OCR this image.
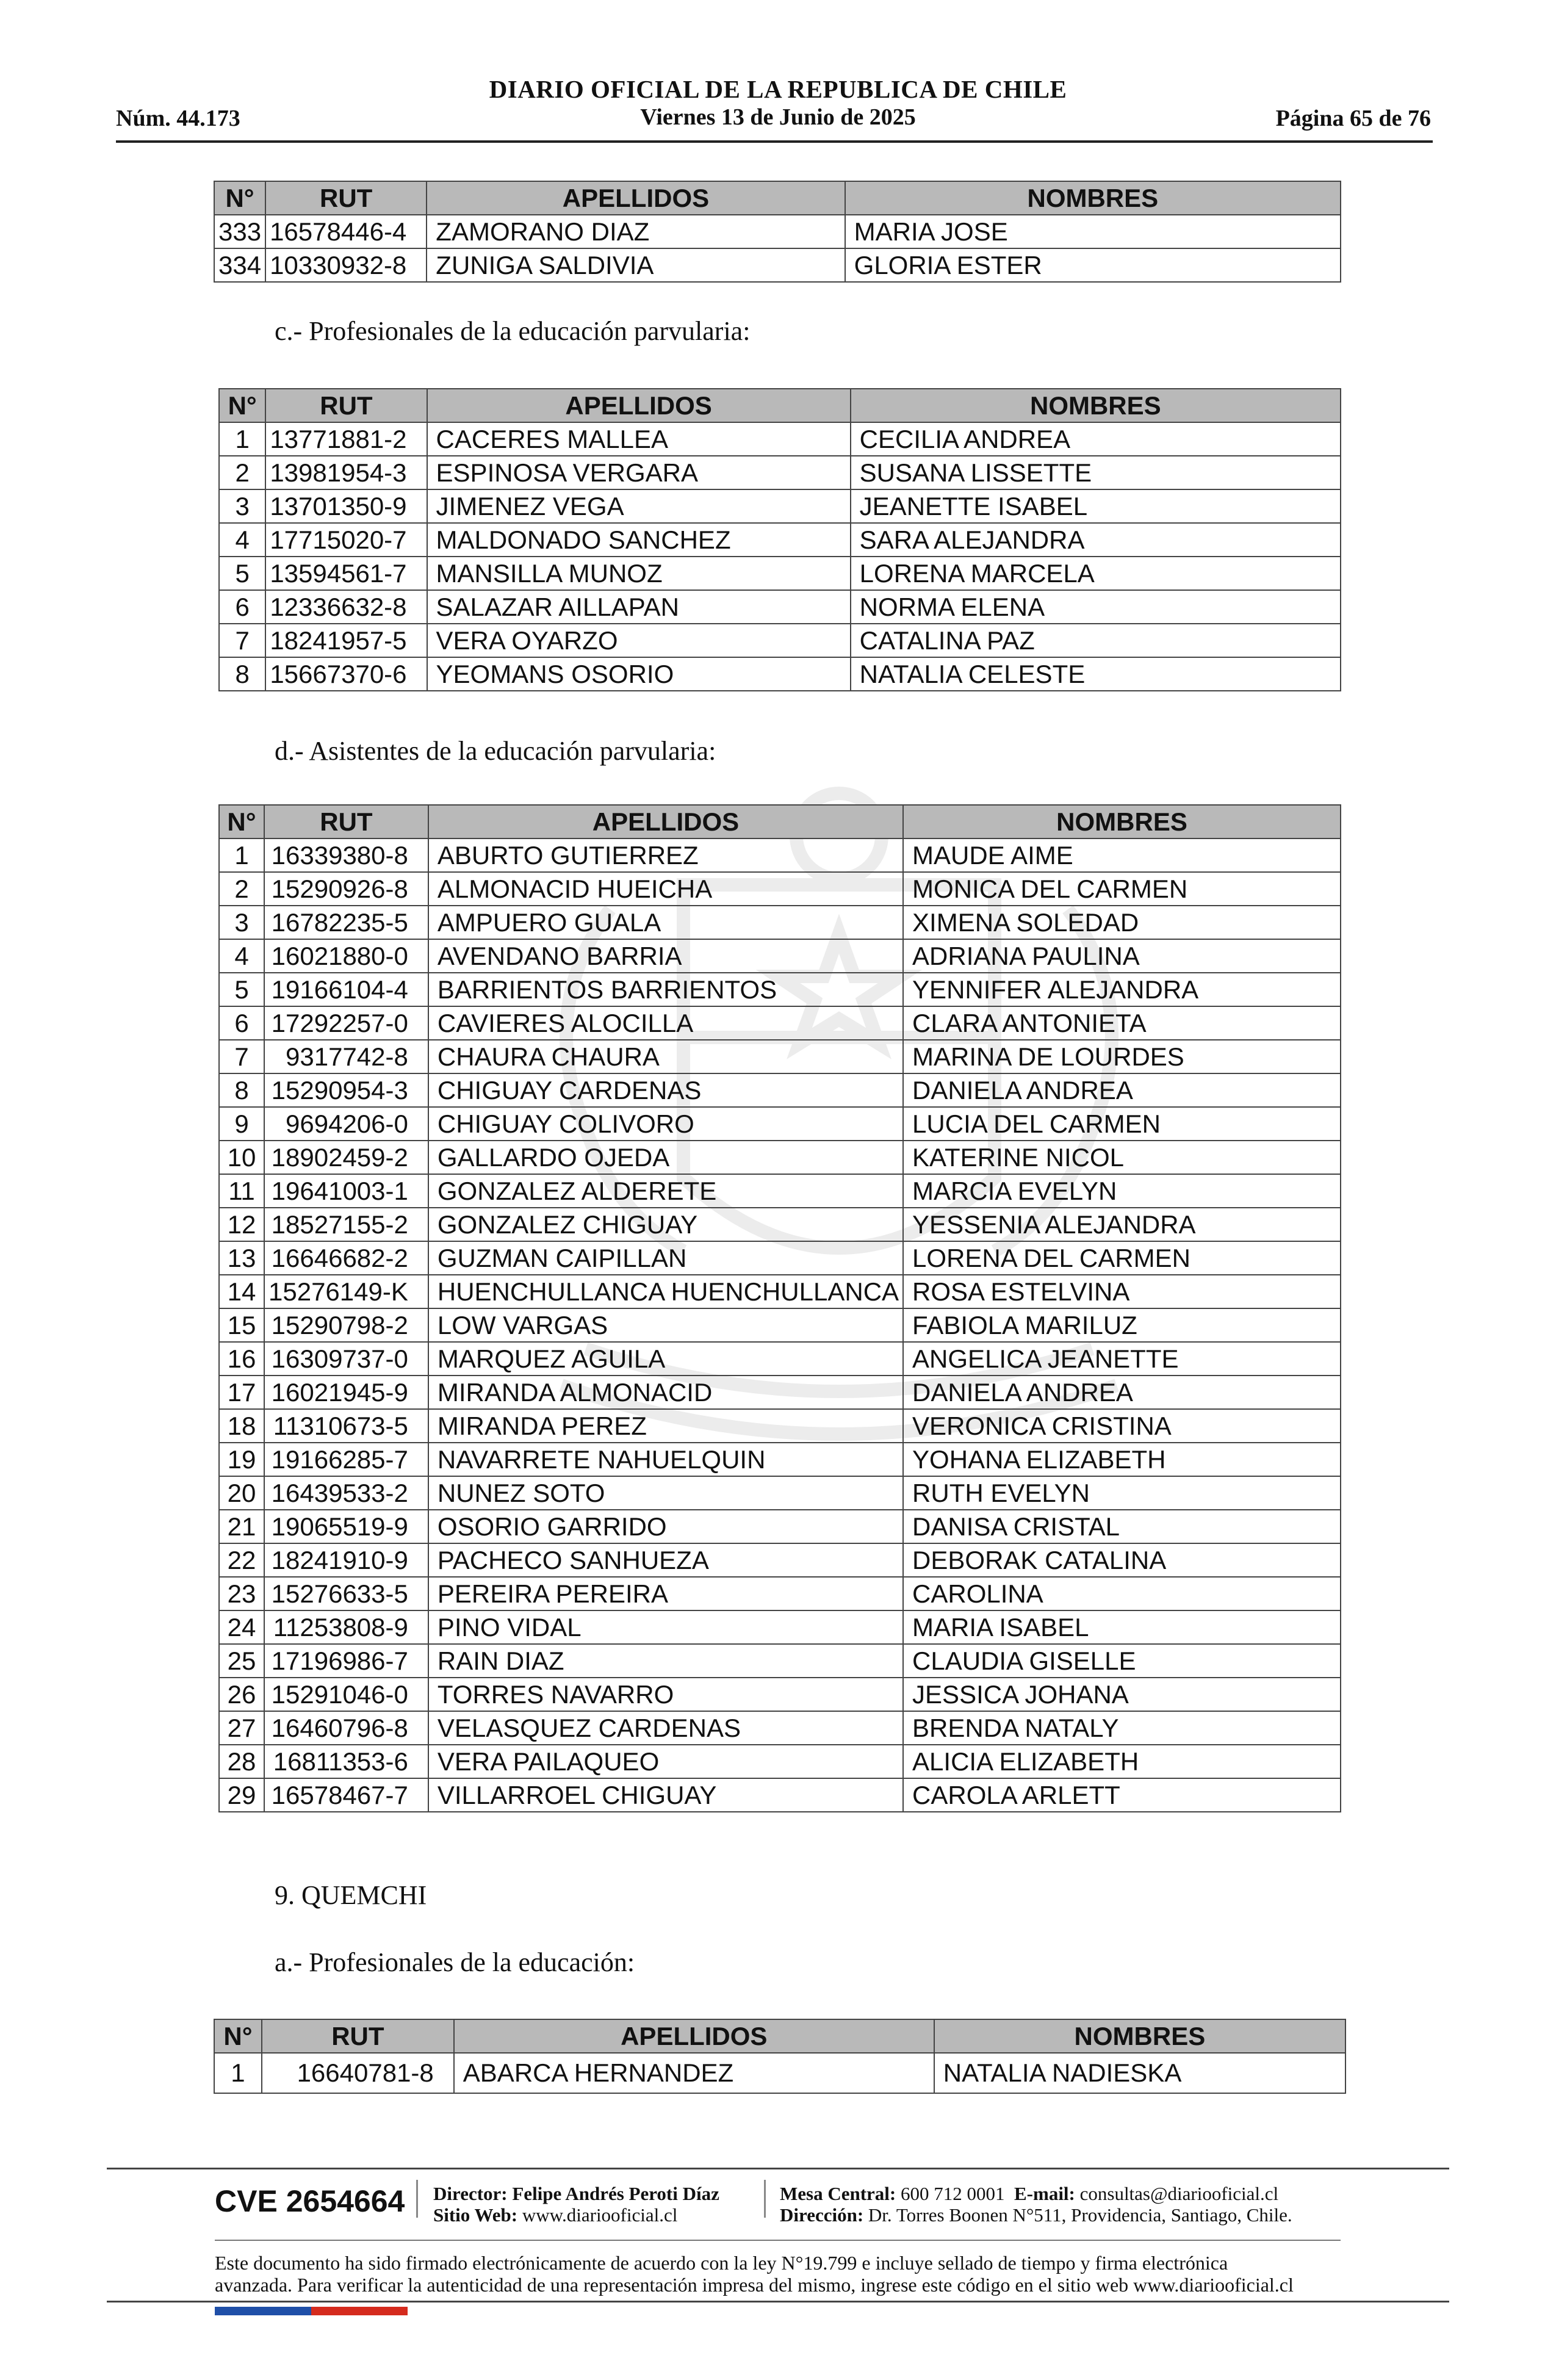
DIARIO OFICIAL DE LA REPUBLICA DE CHILE
Núm. 44.173	Viernes 13 de Junio de 2025	Página 65 de 76
N°	RUT	APELLIDOS	NOMBRES
333	16578446-4	ZAMORANO DIAZ	MARIA JOSE
334	10330932-8	ZUNIGA SALDIVIA	GLORIA ESTER
c.- Profesionales de la educación parvularia:
N°	RUT	APELLIDOS	NOMBRES
1	13771881-2	CACERES MALLEA	CECILIA ANDREA
2	13981954-3	ESPINOSA VERGARA	SUSANA LISSETTE
3	13701350-9	JIMENEZ VEGA	JEANETTE ISABEL
4	17715020-7	MALDONADO SANCHEZ	SARA ALEJANDRA
5	13594561-7	MANSILLA MUNOZ	LORENA MARCELA
6	12336632-8	SALAZAR AILLAPAN	NORMA ELENA
7	18241957-5	VERA OYARZO	CATALINA PAZ
8	15667370-6	YEOMANS OSORIO	NATALIA CELESTE
d.- Asistentes de la educación parvularia:
N°	RUT	APELLIDOS	NOMBRES
1	16339380-8	ABURTO GUTIERREZ	MAUDE AIME
2	15290926-8	ALMONACID HUEICHA	MONICA DEL CARMEN
3	16782235-5	AMPUERO GUALA	XIMENA SOLEDAD
4	16021880-0	AVENDANO BARRIA	ADRIANA PAULINA
5	19166104-4	BARRIENTOS BARRIENTOS	YENNIFER ALEJANDRA
6	17292257-0	CAVIERES ALOCILLA	CLARA ANTONIETA
7	9317742-8	CHAURA CHAURA	MARINA DE LOURDES
8	15290954-3	CHIGUAY CARDENAS	DANIELA ANDREA
9	9694206-0	CHIGUAY COLIVORO	LUCIA DEL CARMEN
10	18902459-2	GALLARDO OJEDA	KATERINE NICOL
11	19641003-1	GONZALEZ ALDERETE	MARCIA EVELYN
12	18527155-2	GONZALEZ CHIGUAY	YESSENIA ALEJANDRA
13	16646682-2	GUZMAN CAIPILLAN	LORENA DEL CARMEN
14	15276149-K	HUENCHULLANCA HUENCHULLANCA	ROSA ESTELVINA
15	15290798-2	LOW VARGAS	FABIOLA MARILUZ
16	16309737-0	MARQUEZ AGUILA	ANGELICA JEANETTE
17	16021945-9	MIRANDA ALMONACID	DANIELA ANDREA
18	11310673-5	MIRANDA PEREZ	VERONICA CRISTINA
19	19166285-7	NAVARRETE NAHUELQUIN	YOHANA ELIZABETH
20	16439533-2	NUNEZ SOTO	RUTH EVELYN
21	19065519-9	OSORIO GARRIDO	DANISA CRISTAL
22	18241910-9	PACHECO SANHUEZA	DEBORAK CATALINA
23	15276633-5	PEREIRA PEREIRA	CAROLINA
24	11253808-9	PINO VIDAL	MARIA ISABEL
25	17196986-7	RAIN DIAZ	CLAUDIA GISELLE
26	15291046-0	TORRES NAVARRO	JESSICA JOHANA
27	16460796-8	VELASQUEZ CARDENAS	BRENDA NATALY
28	16811353-6	VERA PAILAQUEO	ALICIA ELIZABETH
29	16578467-7	VILLARROEL CHIGUAY	CAROLA ARLETT
9. QUEMCHI
a.- Profesionales de la educación:
N°	RUT	APELLIDOS	NOMBRES
1	16640781-8	ABARCA HERNANDEZ	NATALIA NADIESKA
CVE 2654664 Director: Felipe Andrés Peroti Díaz
Sitio Web: www.diariooficial.cl
Mesa Central: 600 712 0001 E-mail: consultas@diariooficial.cl
Dirección: Dr. Torres Boonen N°511, Providencia, Santiago, Chile.
Este documento ha sido firmado electrónicamente de acuerdo con la ley N°19.799 e incluye sellado de tiempo y firma electrónica
avanzada. Para verificar la autenticidad de una representación impresa del mismo, ingrese este código en el sitio web www.diariooficial.cl
